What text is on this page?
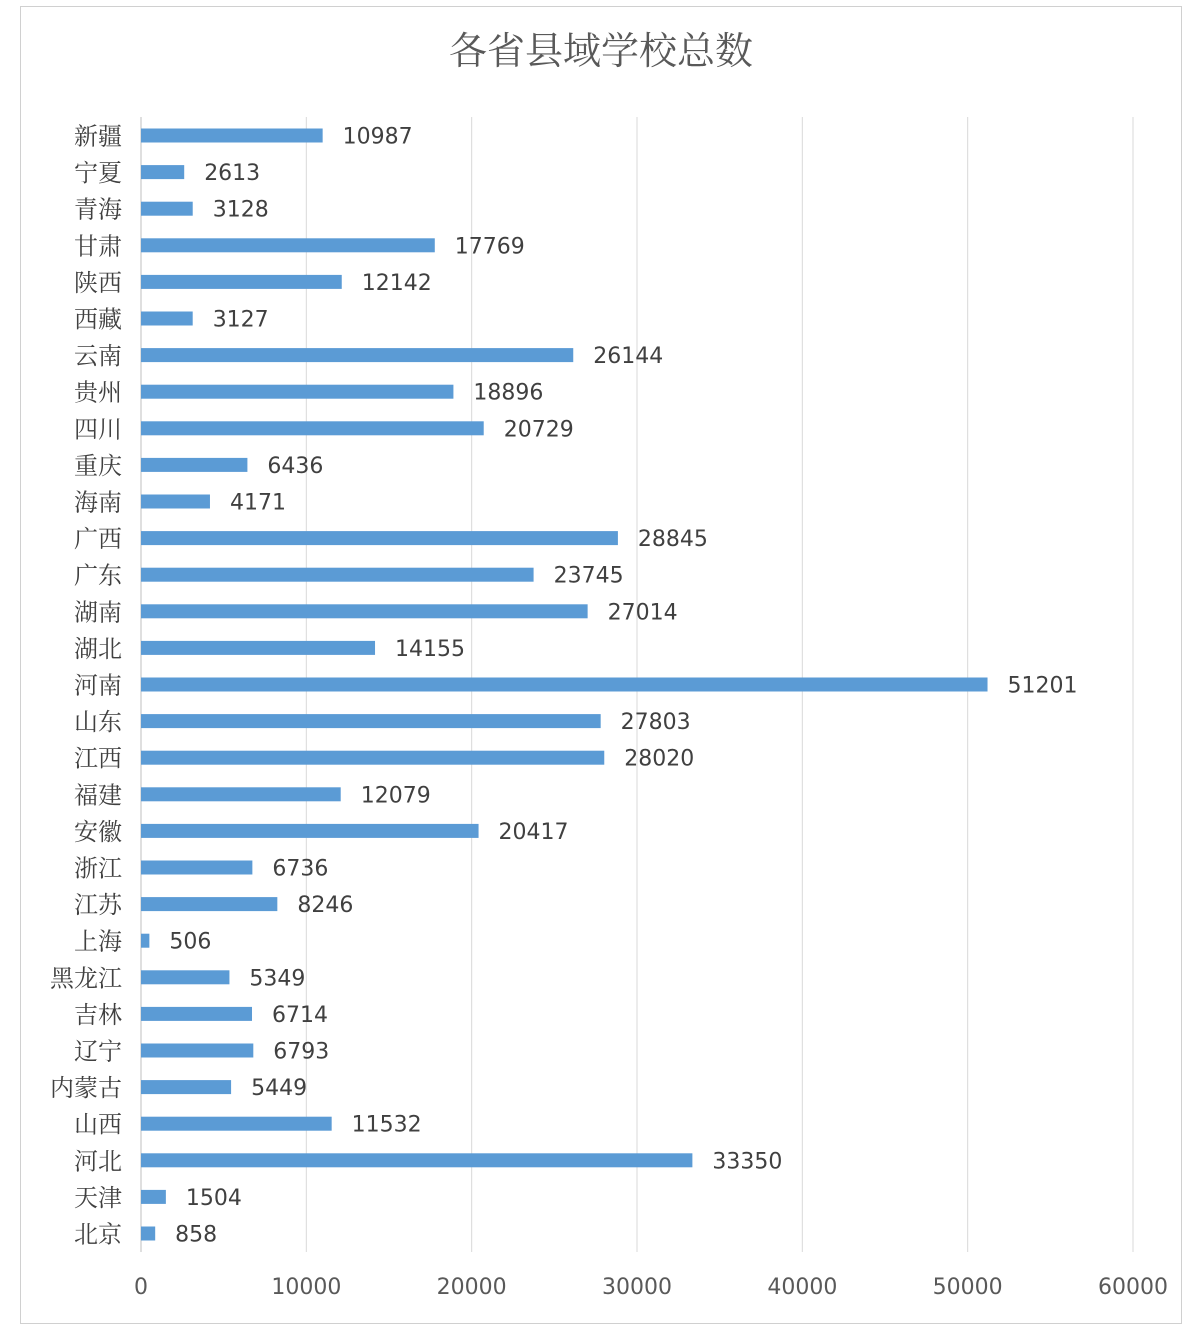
各省县域学校总数
0	10000	20000	30000	40000	50000	60000
新疆	10987
宁夏	2613
青海	3128
甘肃	17769
陕西	12142
西藏	3127
云南	26144
贵州	18896
四川	20729
重庆	6436
海南	4171
广西	28845
广东	23745
湖南	27014
湖北	14155
河南	51201
山东	27803
江西	28020
福建	12079
安徽	20417
浙江	6736
江苏	8246
上海 506
黑龙江	5349
吉林	6714
辽宁	6793
内蒙古	5449
山西	11532
河北	33350
天津	1504
北京 858
